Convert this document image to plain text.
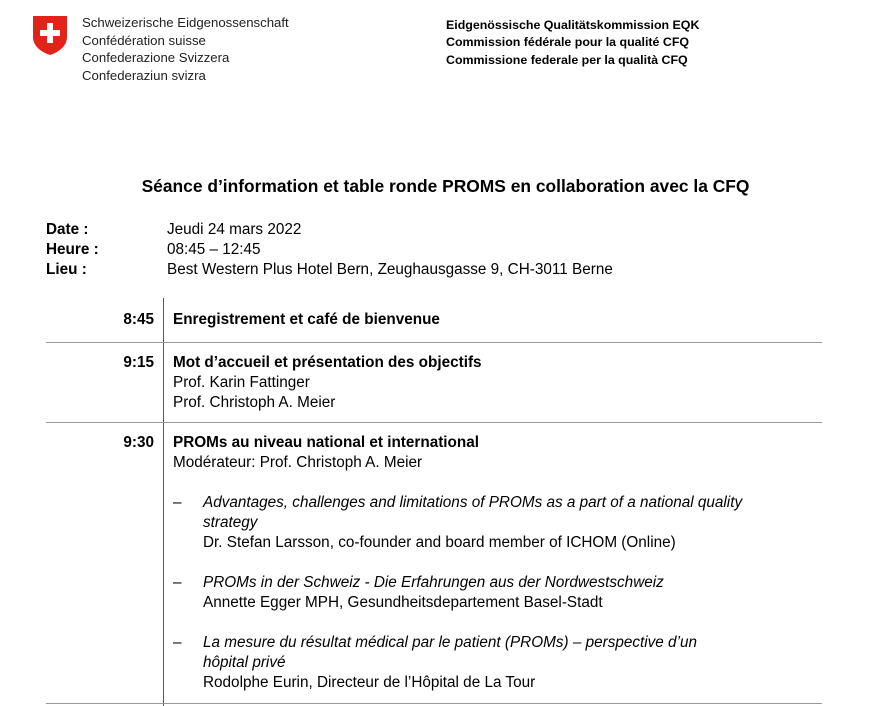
Schweizerische Eidgenossenschaft
Confédération suisse
Confederazione Svizzera
Confederaziun svizra
Eidgenössische Qualitätskommission EQK
Commission fédérale pour la qualité CFQ
Commissione federale per la qualità CFQ
Séance d’information et table ronde PROMS en collaboration avec la CFQ
Date :	Jeudi 24 mars 2022
Heure :	08:45 – 12:45
Lieu :	Best Western Plus Hotel Bern, Zeughausgasse 9, CH-3011 Berne
8:45 Enregistrement et café de bienvenue
9:15 Mot d’accueil et présentation des objectifs
Prof. Karin Fattinger
Prof. Christoph A. Meier
9:30 PROMs au niveau national et international
Modérateur: Prof. Christoph A. Meier
– Advantages, challenges and limitations of PROMs as a part of a national quality
strategy
Dr. Stefan Larsson, co-founder and board member of ICHOM (Online)
– PROMs in der Schweiz - Die Erfahrungen aus der Nordwestschweiz
Annette Egger MPH, Gesundheitsdepartement Basel-Stadt
– La mesure du résultat médical par le patient (PROMs) – perspective d’un
hôpital privé
Rodolphe Eurin, Directeur de l’Hôpital de La Tour
